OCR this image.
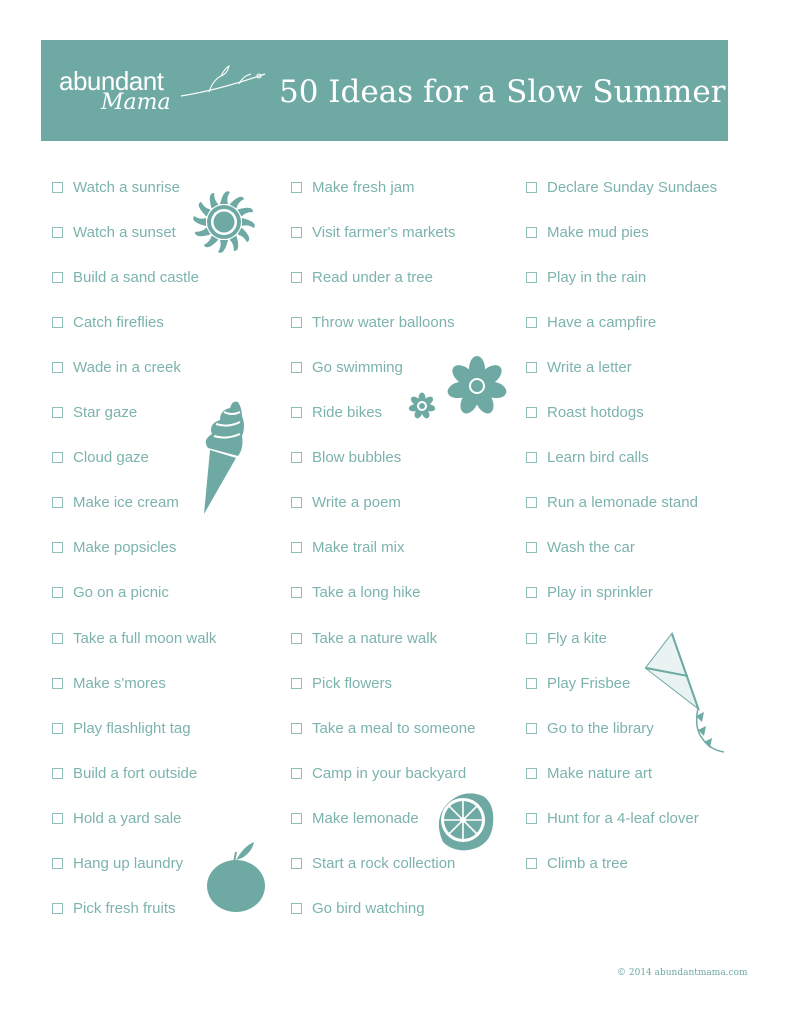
abundant
Mama	50 Ideas for a Slow Summer
Watch a sunrise
Watch a sunset
Build a sand castle
Catch fireflies
Wade in a creek
Star gaze
Cloud gaze
Make ice cream
Make popsicles
Go on a picnic
Take a full moon walk
Make s'mores
Play flashlight tag
Build a fort outside
Hold a yard sale
Hang up laundry
Pick fresh fruits
Make fresh jam
Visit farmer's markets
Read under a tree
Throw water balloons
Go swimming
Ride bikes
Blow bubbles
Write a poem
Make trail mix
Take a long hike
Take a nature walk
Pick flowers
Take a meal to someone
Camp in your backyard
Make lemonade
Start a rock collection
Go bird watching
Declare Sunday Sundaes
Make mud pies
Play in the rain
Have a campfire
Write a letter
Roast hotdogs
Learn bird calls
Run a lemonade stand
Wash the car
Play in sprinkler
Fly a kite
Play Frisbee
Go to the library
Make nature art
Hunt for a 4-leaf clover
Climb a tree
© 2014 abundantmama.com
